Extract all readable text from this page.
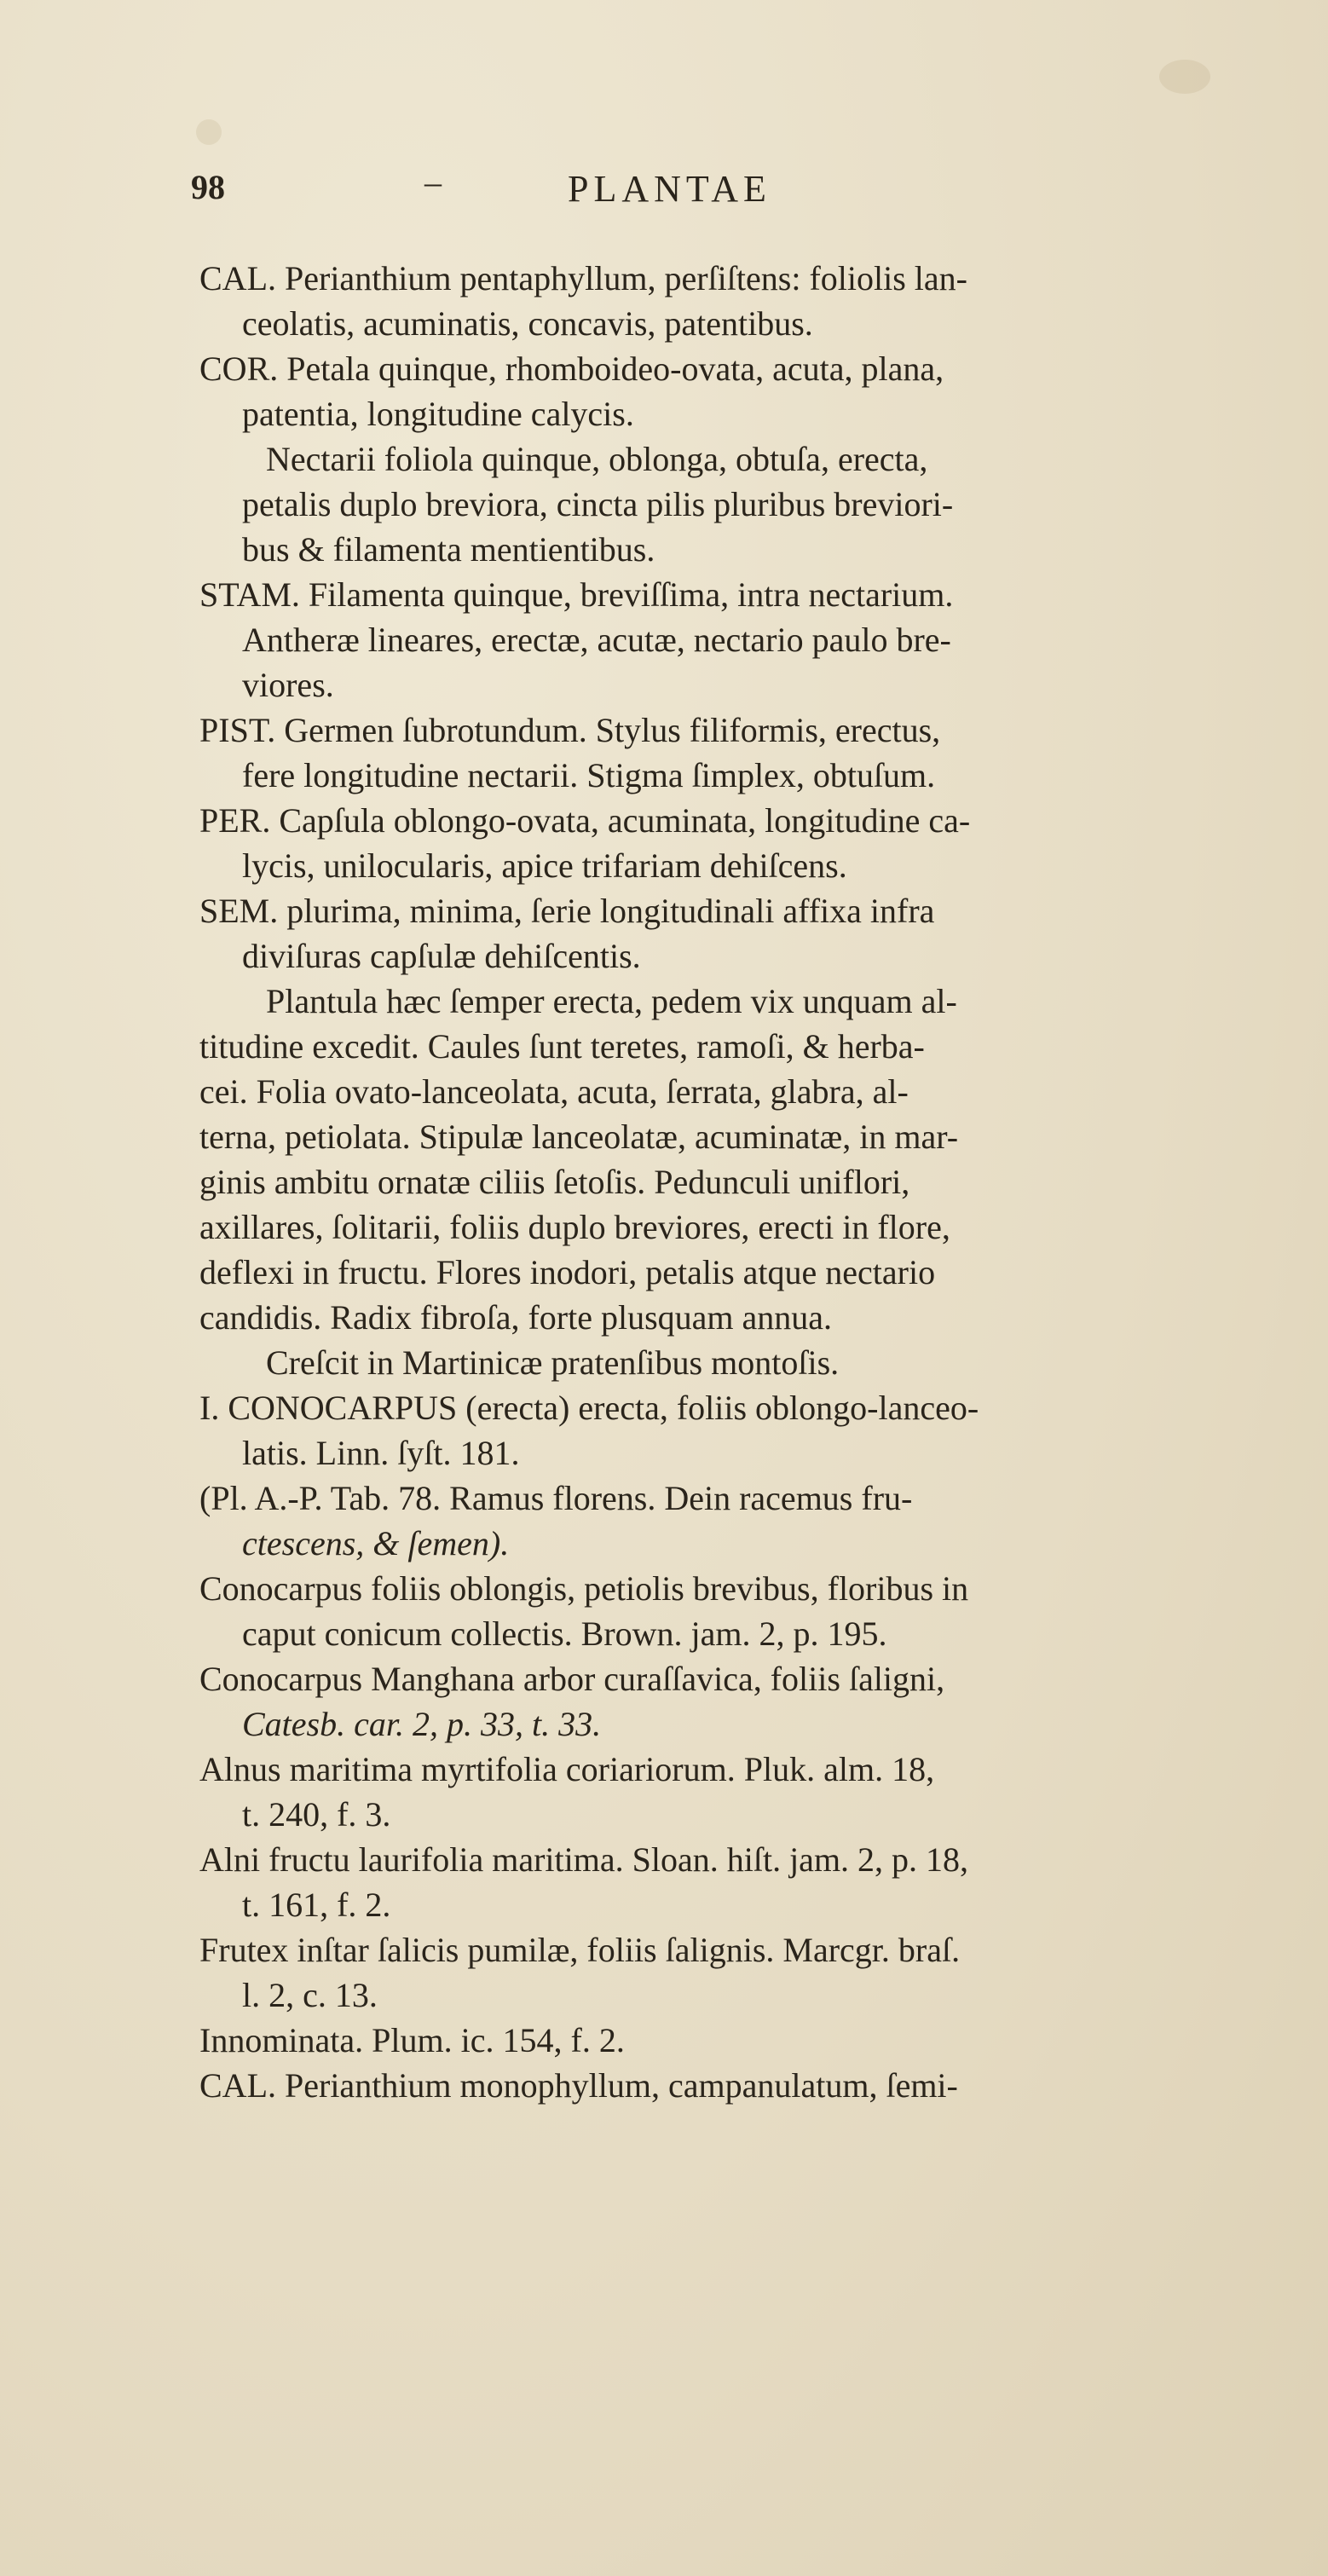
98	–	PLANTAE
CAL. Perianthium pentaphyllum, perſiſtens: foliolis lan-
ceolatis, acuminatis, concavis, patentibus.
COR. Petala quinque, rhomboideo-ovata, acuta, plana,
patentia, longitudine calycis.
Nectarii foliola quinque, oblonga, obtuſa, erecta,
petalis duplo breviora, cincta pilis pluribus breviori-
bus & filamenta mentientibus.
STAM. Filamenta quinque, breviſſima, intra nectarium.
Antheræ lineares, erectæ, acutæ, nectario paulo bre-
viores.
PIST. Germen ſubrotundum. Stylus filiformis, erectus,
fere longitudine nectarii. Stigma ſimplex, obtuſum.
PER. Capſula oblongo-ovata, acuminata, longitudine ca-
lycis, unilocularis, apice trifariam dehiſcens.
SEM. plurima, minima, ſerie longitudinali affixa infra
diviſuras capſulæ dehiſcentis.
Plantula hæc ſemper erecta, pedem vix unquam al-
titudine excedit. Caules ſunt teretes, ramoſi, & herba-
cei. Folia ovato-lanceolata, acuta, ſerrata, glabra, al-
terna, petiolata. Stipulæ lanceolatæ, acuminatæ, in mar-
ginis ambitu ornatæ ciliis ſetoſis. Pedunculi uniflori,
axillares, ſolitarii, foliis duplo breviores, erecti in flore,
deflexi in fructu. Flores inodori, petalis atque nectario
candidis. Radix fibroſa, forte plusquam annua.
Creſcit in Martinicæ pratenſibus montoſis.
I. CONOCARPUS (erecta) erecta, foliis oblongo-lanceo-
latis. Linn. ſyſt. 181.
(Pl. A.-P. Tab. 78. Ramus florens. Dein racemus fru-
ctescens, & ſemen).
Conocarpus foliis oblongis, petiolis brevibus, floribus in
caput conicum collectis. Brown. jam. 2, p. 195.
Conocarpus Manghana arbor curaſſavica, foliis ſaligni,
Catesb. car. 2, p. 33, t. 33.
Alnus maritima myrtifolia coriariorum. Pluk. alm. 18,
t. 240, f. 3.
Alni fructu laurifolia maritima. Sloan. hiſt. jam. 2, p. 18,
t. 161, f. 2.
Frutex inſtar ſalicis pumilæ, foliis ſalignis. Marcgr. braſ.
l. 2, c. 13.
Innominata. Plum. ic. 154, f. 2.
CAL. Perianthium monophyllum, campanulatum, ſemi-
